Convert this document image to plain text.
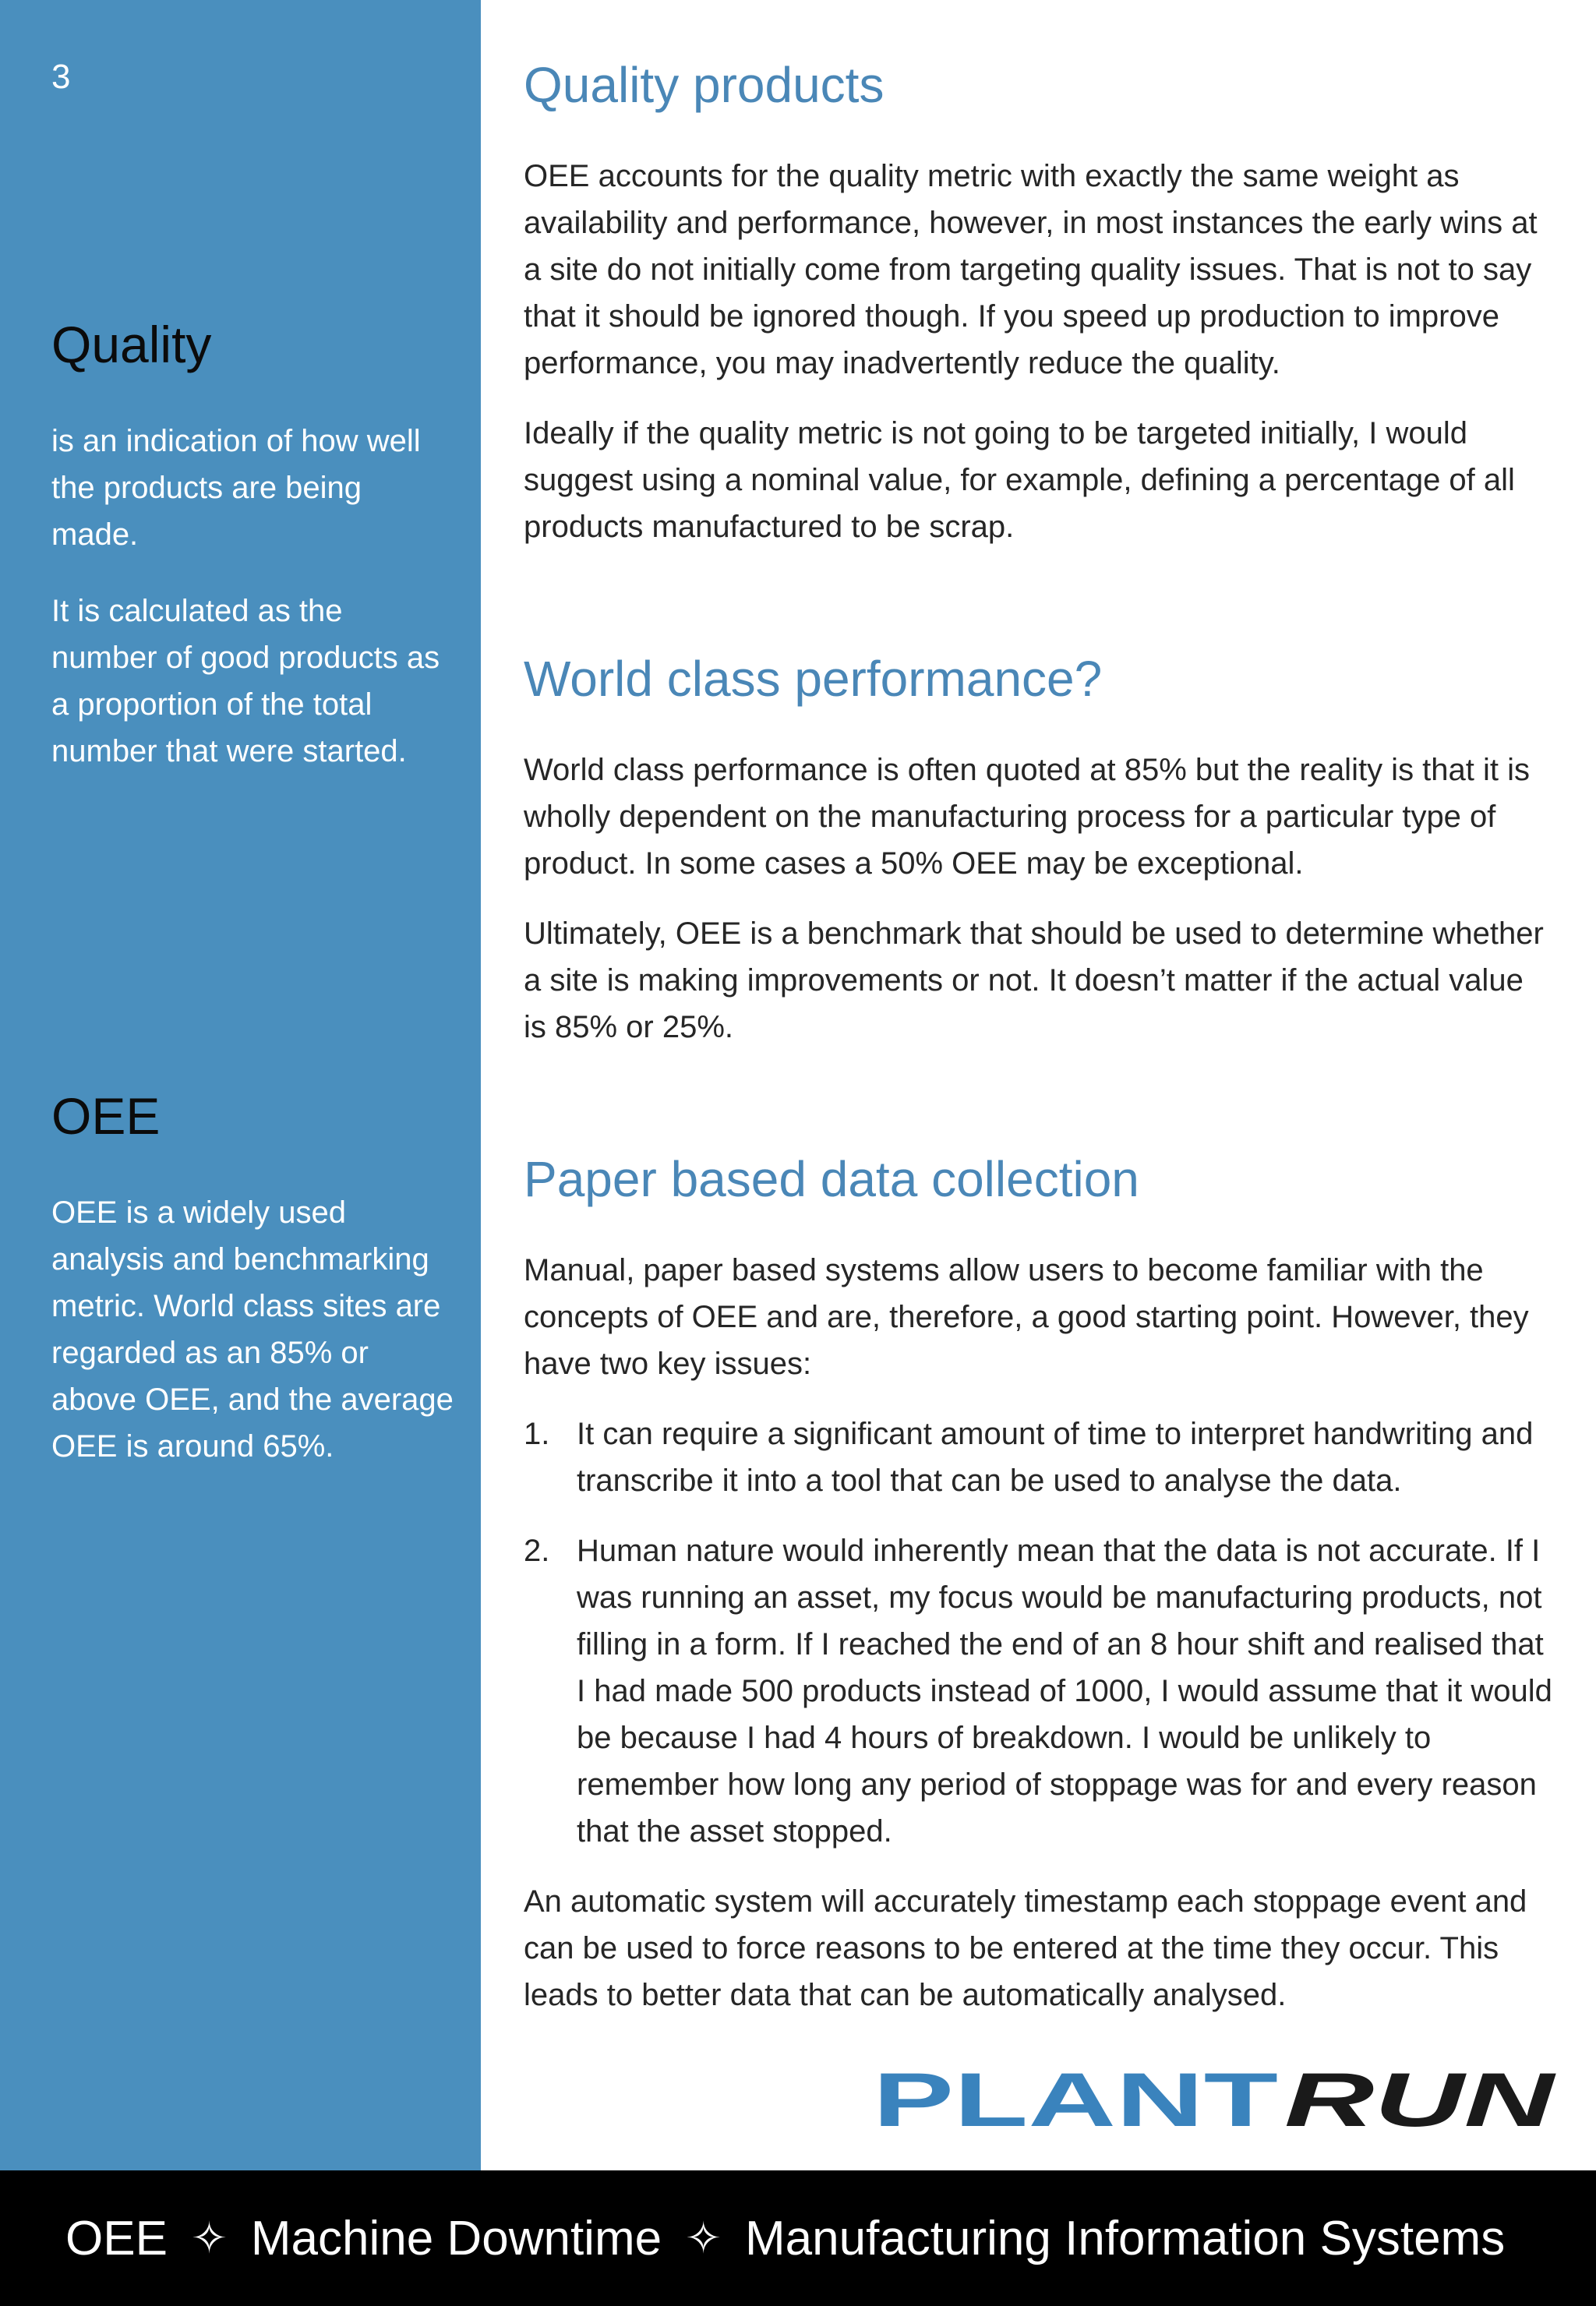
3
Quality

is an indication of how well the products are being made.

It is calculated as the number of good products as a proportion of the total number that were started.

OEE

OEE is a widely used analysis and benchmarking metric. World class sites are regarded as an 85% or above OEE, and the average OEE is around 65%.

Quality products

OEE accounts for the quality metric with exactly the same weight as availability and performance, however, in most instances the early wins at a site do not initially come from targeting quality issues. That is not to say that it should be ignored though. If you speed up production to improve performance, you may inadvertently reduce the quality.

Ideally if the quality metric is not going to be targeted initially, I would suggest using a nominal value, for example, defining a percentage of all products manufactured to be scrap.

World class performance?

World class performance is often quoted at 85% but the reality is that it is wholly dependent on the manufacturing process for a particular type of product. In some cases a 50% OEE may be exceptional.

Ultimately, OEE is a benchmark that should be used to determine whether a site is making improvements or not. It doesn’t matter if the actual value is 85% or 25%.

Paper based data collection

Manual, paper based systems allow users to become familiar with the concepts of OEE and are, therefore, a good starting point. However, they have two key issues:

1. It can require a significant amount of time to interpret handwriting and transcribe it into a tool that can be used to analyse the data.
2. Human nature would inherently mean that the data is not accurate. If I was running an asset, my focus would be manufacturing products, not filling in a form. If I reached the end of an 8 hour shift and realised that I had made 500 products instead of 1000, I would assume that it would be because I had 4 hours of breakdown. I would be unlikely to remember how long any period of stoppage was for and every reason that the asset stopped.

An automatic system will accurately timestamp each stoppage event and can be used to force reasons to be entered at the time they occur. This leads to better data that can be automatically analysed.

PLANT RUN
OEE ✧ Machine Downtime ✧ Manufacturing Information Systems
